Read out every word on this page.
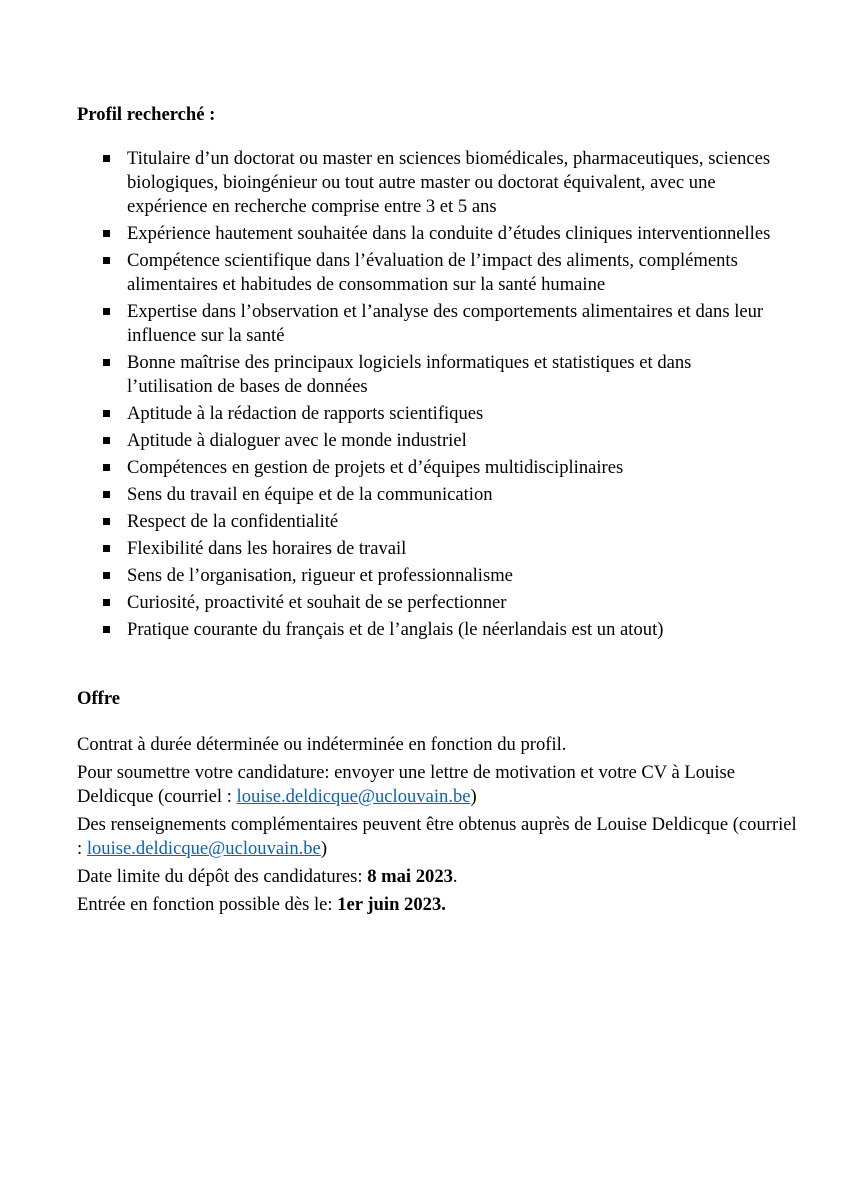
Profil recherché :

Titulaire d’un doctorat ou master en sciences biomédicales, pharmaceutiques, sciences biologiques, bioingénieur ou tout autre master ou doctorat équivalent, avec une expérience en recherche comprise entre 3 et 5 ans
Expérience hautement souhaitée dans la conduite d’études cliniques interventionnelles
Compétence scientifique dans l’évaluation de l’impact des aliments, compléments alimentaires et habitudes de consommation sur la santé humaine
Expertise dans l’observation et l’analyse des comportements alimentaires et dans leur influence sur la santé
Bonne maîtrise des principaux logiciels informatiques et statistiques et dans l’utilisation de bases de données
Aptitude à la rédaction de rapports scientifiques
Aptitude à dialoguer avec le monde industriel
Compétences en gestion de projets et d’équipes multidisciplinaires
Sens du travail en équipe et de la communication
Respect de la confidentialité
Flexibilité dans les horaires de travail
Sens de l’organisation, rigueur et professionnalisme
Curiosité, proactivité et souhait de se perfectionner
Pratique courante du français et de l’anglais (le néerlandais est un atout)

Offre

Contrat à durée déterminée ou indéterminée en fonction du profil.

Pour soumettre votre candidature: envoyer une lettre de motivation et votre CV à Louise Deldicque (courriel : louise.deldicque@uclouvain.be)

Des renseignements complémentaires peuvent être obtenus auprès de Louise Deldicque (courriel : louise.deldicque@uclouvain.be)

Date limite du dépôt des candidatures: 8 mai 2023.

Entrée en fonction possible dès le: 1er juin 2023.
